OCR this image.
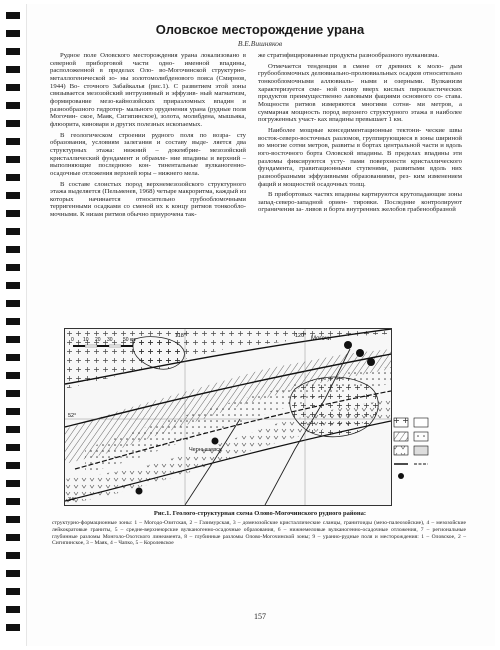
Оловское месторождение урана
В.Е.Вишняков

Рудное поле Оловского месторождения урана локализовано в северной приборговой части одно- именной впадины, расположенной в пределах Оло- во-Могочинской структурно-металлогенической зо- ны золотомолибденового пояса (Смирнов, 1944) Во- сточного Забайкалья (рис.1). С развитием этой зоны связывается мезозойский интрузивный и эффузив- ный магматизм, формирование мезо-кайнозойских приразломных впадин и разнообразного гидротер- мального оруденения урана (рудные поля Могочин- ское, Маяк, Сигипинское), золота, молибдена, мышьяка, флюорита, киновари и других полезных ископаемых.

В геологическом строении рудного поля по возра- сту образования, условиям залегания и составу выде- ляется два структурных этажа: нижний – докембрие- мезозойский кристаллический фундамент и обрамле- ние впадины и верхний – выполняющие последнюю кон- тинентальные вулканогенно-осадочные отложения верхней юры – нижнего мела.

В составе слоистых пород верхнемезозойского структурного этажа выделяется (Пельменев, 1968) четыре макроритма, каждый из которых начинается относительно грубообломочными терригенными осадками со сменой их к концу ритмов тонкообло- мочными. К низам ритмов обычно приурочена так-

же стратифицированные продукты разнообразного вулканизма.

Отмечается тенденция в смене от древних к моло- дым грубообломочных делювиально-пролювиальных осадков относительно тонкообломочными аллювиаль- ными и озерными. Вулканизм характеризуется сме- ной снизу вверх кислых пирокластических продуктов преимущественно лавовыми фациями основного со- става. Мощности ритмов измеряются многими сотня- ми метров, а суммарная мощность пород верхнего структурного этажа в наиболее погруженных участ- ках впадины превышает 1 км.

Наиболее мощные конседиментационные тектони- ческие швы восток-северо-восточных разломов, группирующиеся в зоны шириной во многие сотни метров, развиты в бортах центральной части и вдоль юго-восточного борта Оловской впадины. В пределах впадины эти разломы фиксируются усту- пами поверхности кристаллического фундамента, гравитационными ступенями, развитыми вдоль них разнообразными эффузивными образованиями, рез- ким изменением фаций и мощностей осадочных толщ.

В прибортовых частях впадины картируются крутопадающие зоны запад-северо-западной ориен- тировки. Последние контролируют ограничения за- ливов и борта внутренних желобов грабенообразной

Могочи
Чернышевск
118°	120°
52°
34°
0 10 20 30 50 км
Рис.1. Геолого-структурная схема Олово-Могочинского рудного района:
структурно-формационные зоны: 1 – Могодо-Озитская, 2 – Газимурская, 3 – домезозойские кристаллические сланцы, гранитоиды (мезо-палеозойские), 4 – мезозойские лейкократовые граниты, 5 – средне-верхнеюрские вулканогенно-осадочные образования, 6 – нижнемеловые вулканогенно-осадочные отложения, 7 – региональные глубинные разломы Монголо-Охотского линеамента, 8 – глубинные разломы Олово-Могочинской зоны; 9 – уранио-рудные поля и месторождения: 1 – Оловское, 2 – Сигипинское, 3 – Маяк, 4 – Чапко, 5 – Королевское
157
